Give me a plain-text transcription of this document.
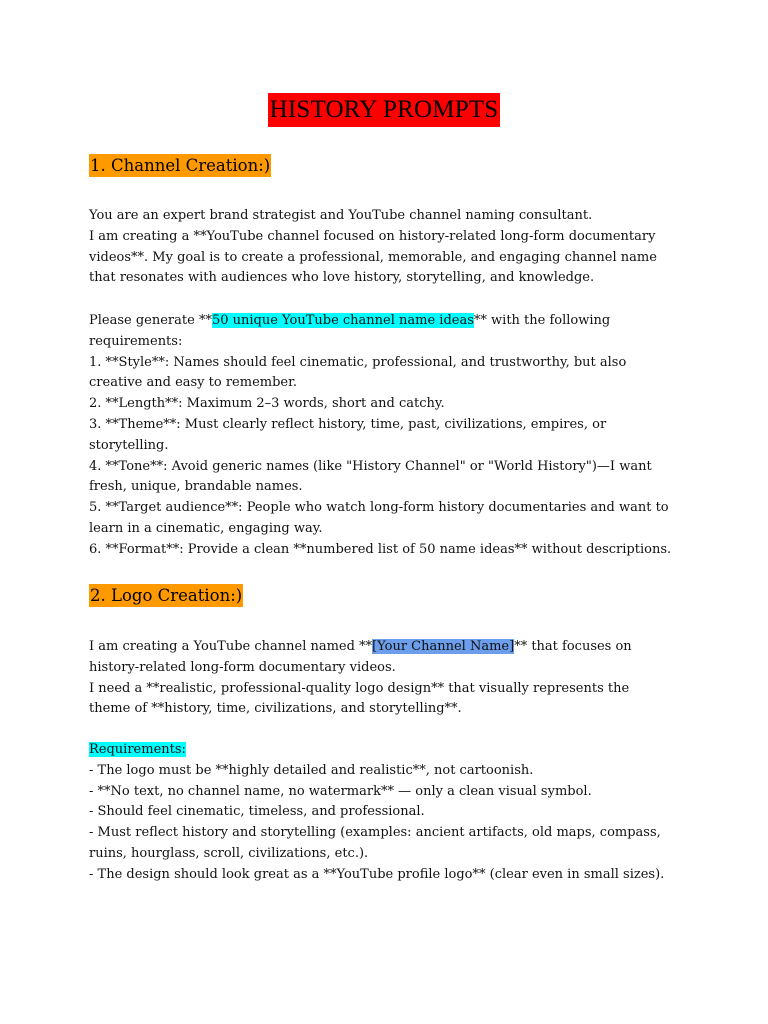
HISTORY PROMPTS
1. Channel Creation:)
You are an expert brand strategist and YouTube channel naming consultant.
I am creating a **YouTube channel focused on history-related long-form documentary
videos**. My goal is to create a professional, memorable, and engaging channel name
that resonates with audiences who love history, storytelling, and knowledge.
Please generate **50 unique YouTube channel name ideas** with the following
requirements:
1. **Style**: Names should feel cinematic, professional, and trustworthy, but also
creative and easy to remember.
2. **Length**: Maximum 2–3 words, short and catchy.
3. **Theme**: Must clearly reflect history, time, past, civilizations, empires, or
storytelling.
4. **Tone**: Avoid generic names (like "History Channel" or "World History")—I want
fresh, unique, brandable names.
5. **Target audience**: People who watch long-form history documentaries and want to
learn in a cinematic, engaging way.
6. **Format**: Provide a clean **numbered list of 50 name ideas** without descriptions.
2. Logo Creation:)
I am creating a YouTube channel named **[Your Channel Name]** that focuses on
history-related long-form documentary videos.
I need a **realistic, professional-quality logo design** that visually represents the
theme of **history, time, civilizations, and storytelling**.
Requirements:
- The logo must be **highly detailed and realistic**, not cartoonish.
- **No text, no channel name, no watermark** — only a clean visual symbol.
- Should feel cinematic, timeless, and professional.
- Must reflect history and storytelling (examples: ancient artifacts, old maps, compass,
ruins, hourglass, scroll, civilizations, etc.).
- The design should look great as a **YouTube profile logo** (clear even in small sizes).
